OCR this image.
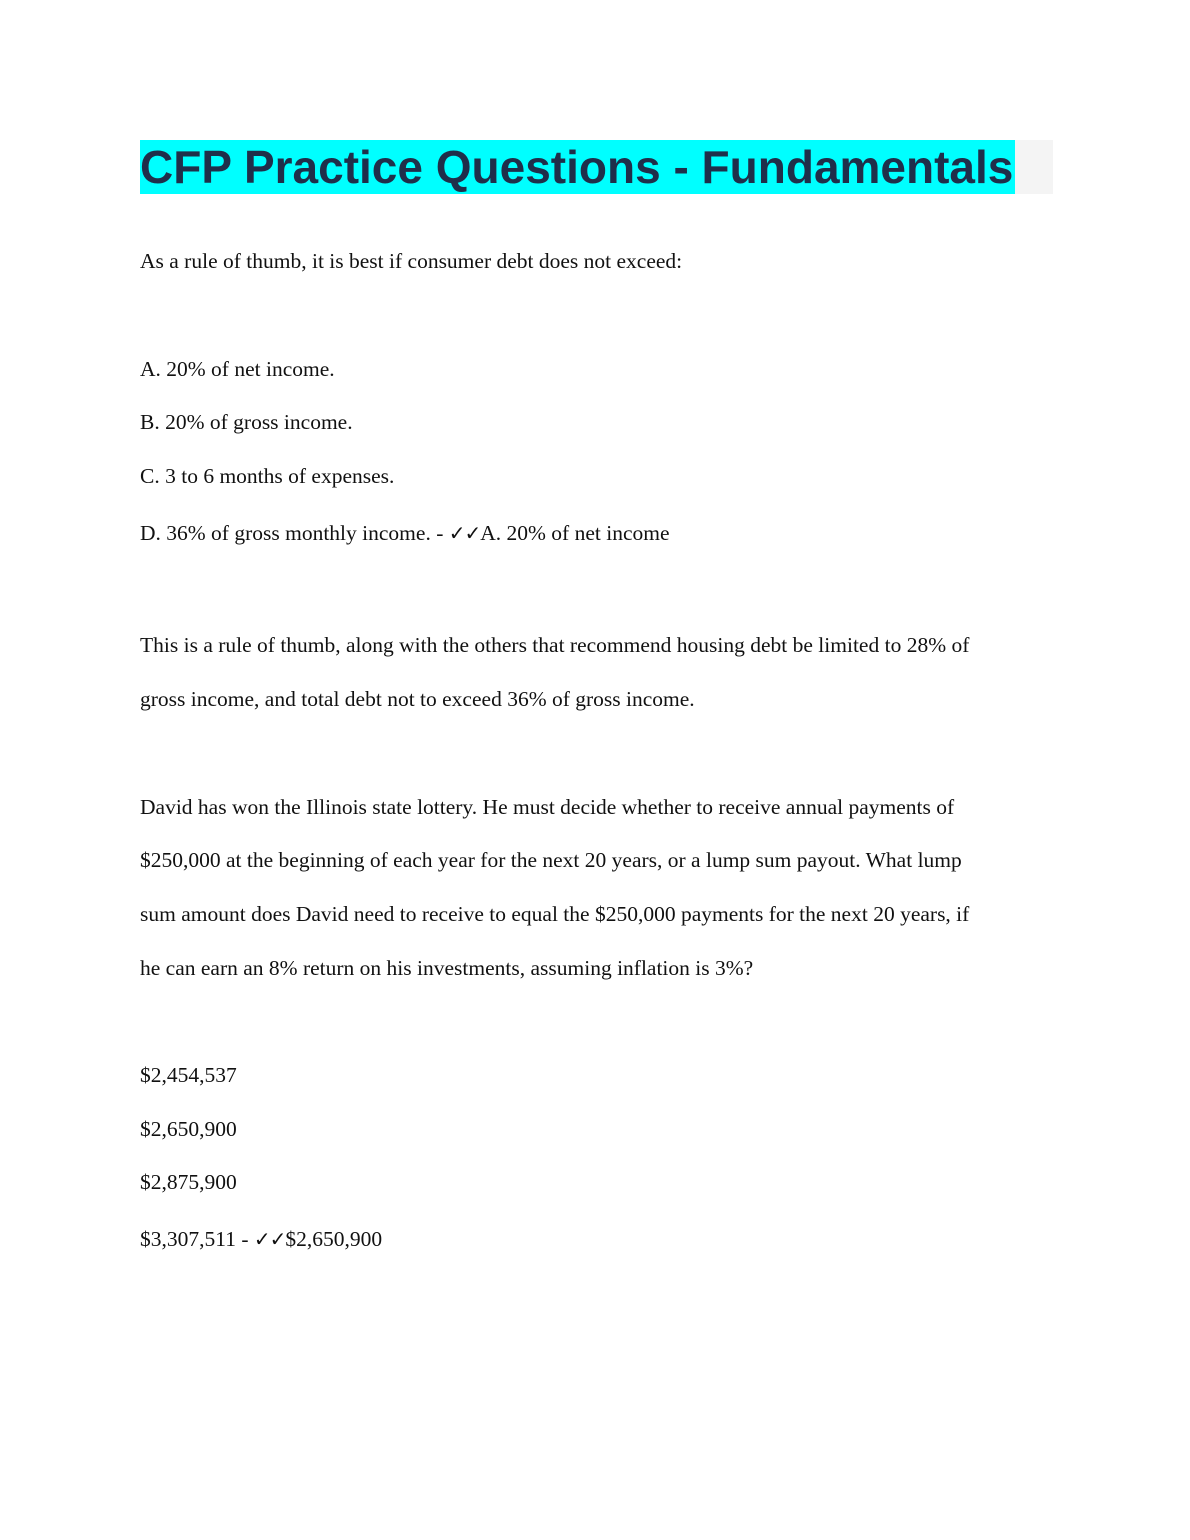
CFP Practice Questions - Fundamentals
As a rule of thumb, it is best if consumer debt does not exceed:
A. 20% of net income.
B. 20% of gross income.
C. 3 to 6 months of expenses.
D. 36% of gross monthly income. - ✓✓A. 20% of net income
This is a rule of thumb, along with the others that recommend housing debt be limited to 28% of
gross income, and total debt not to exceed 36% of gross income.
David has won the Illinois state lottery. He must decide whether to receive annual payments of
$250,000 at the beginning of each year for the next 20 years, or a lump sum payout. What lump
sum amount does David need to receive to equal the $250,000 payments for the next 20 years, if
he can earn an 8% return on his investments, assuming inflation is 3%?
$2,454,537
$2,650,900
$2,875,900
$3,307,511 - ✓✓$2,650,900
